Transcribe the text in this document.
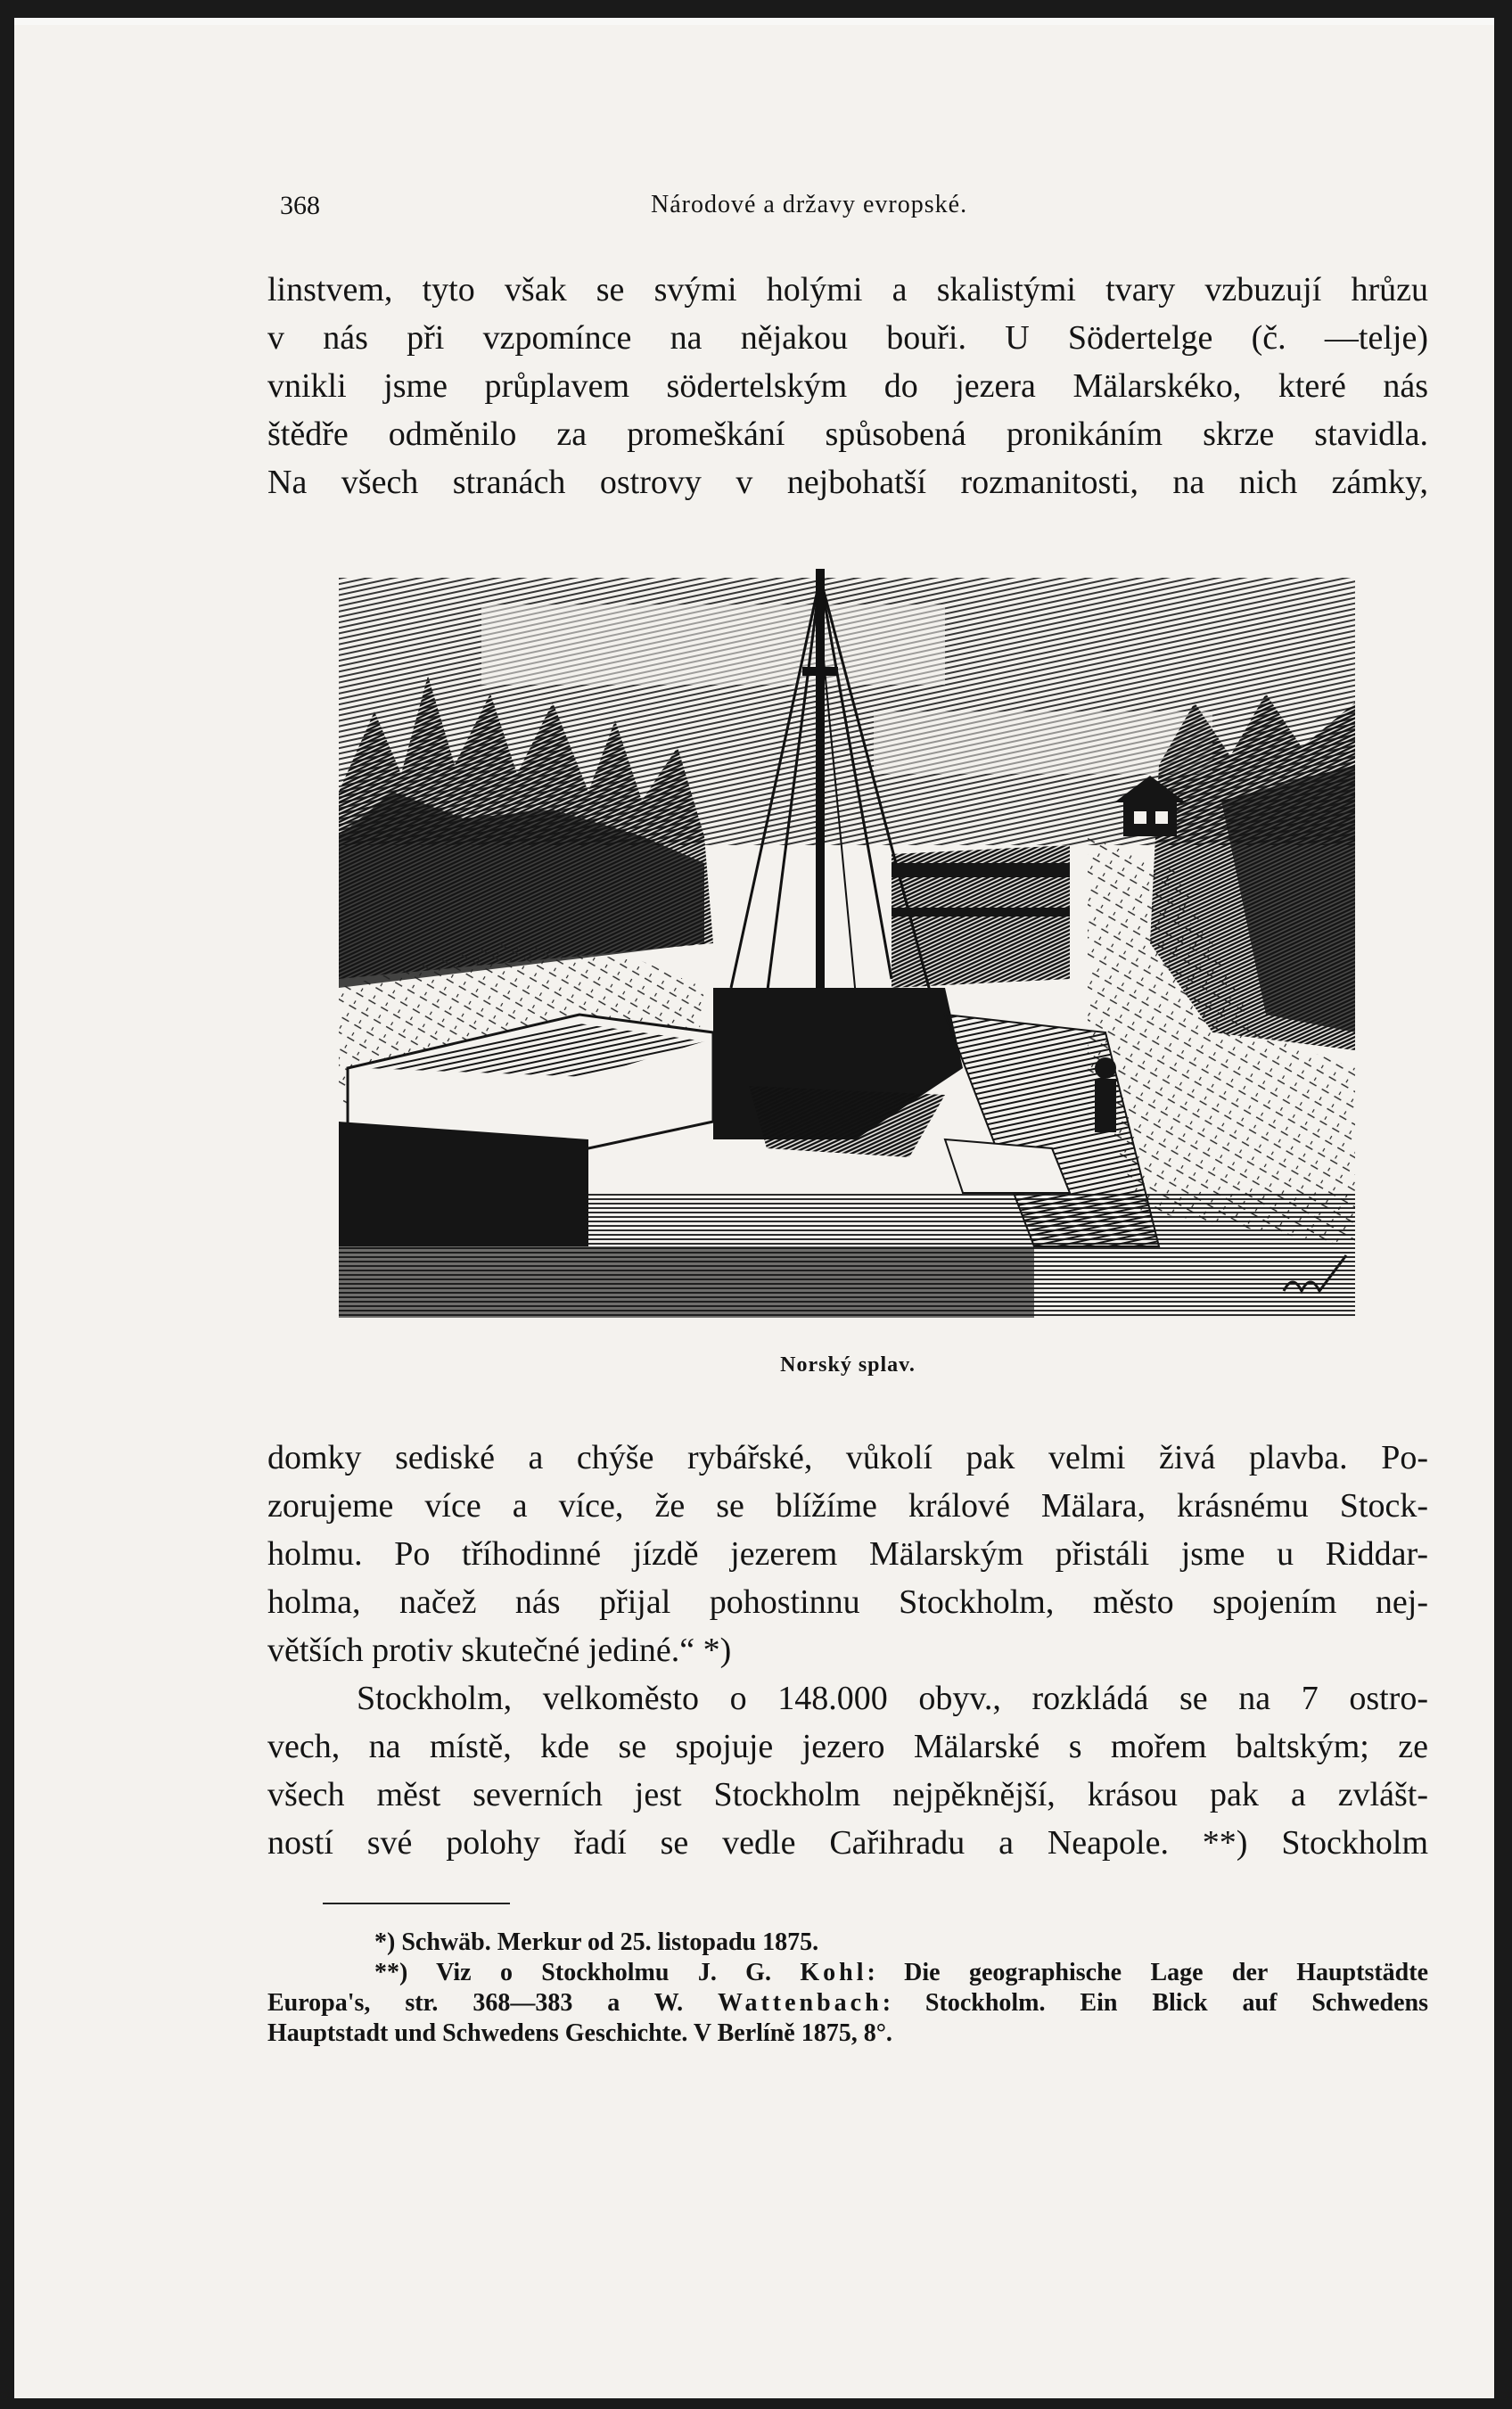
368	Národové a državy evropské.

linstvem, tyto však se svými holými a skalistými tvary vzbuzují hrůzu
v nás při vzpomínce na nějakou bouři. U Södertelge (č. —telje)
vnikli jsme průplavem södertelským do jezera Mälarskéko, které nás
štědře odměnilo za promeškání spůsobená pronikáním skrze stavidla.
Na všech stranách ostrovy v nejbohatší rozmanitosti, na nich zámky,

Norský splav.

domky sediské a chýše rybářské, vůkolí pak velmi živá plavba. Po-
zorujeme více a více, že se blížíme králové Mälara, krásnému Stock-
holmu. Po tříhodinné jízdě jezerem Mälarským přistáli jsme u Riddar-
holma, načež nás přijal pohostinnu Stockholm, město spojením nej-
větších protiv skutečné jediné.“ *)

Stockholm, velkoměsto o 148.000 obyv., rozkládá se na 7 ostro-
vech, na místě, kde se spojuje jezero Mälarské s mořem baltským; ze
všech měst severních jest Stockholm nejpěknější, krásou pak a zvlášt-
ností své polohy řadí se vedle Cařihradu a Neapole. **) Stockholm

*) Schwäb. Merkur od 25. listopadu 1875.
**) Viz o Stockholmu J. G. Kohl: Die geographische Lage der Hauptstädte
Europa's, str. 368—383 a W. Wattenbach: Stockholm. Ein Blick auf Schwedens
Hauptstadt und Schwedens Geschichte. V Berlíně 1875, 8°.
